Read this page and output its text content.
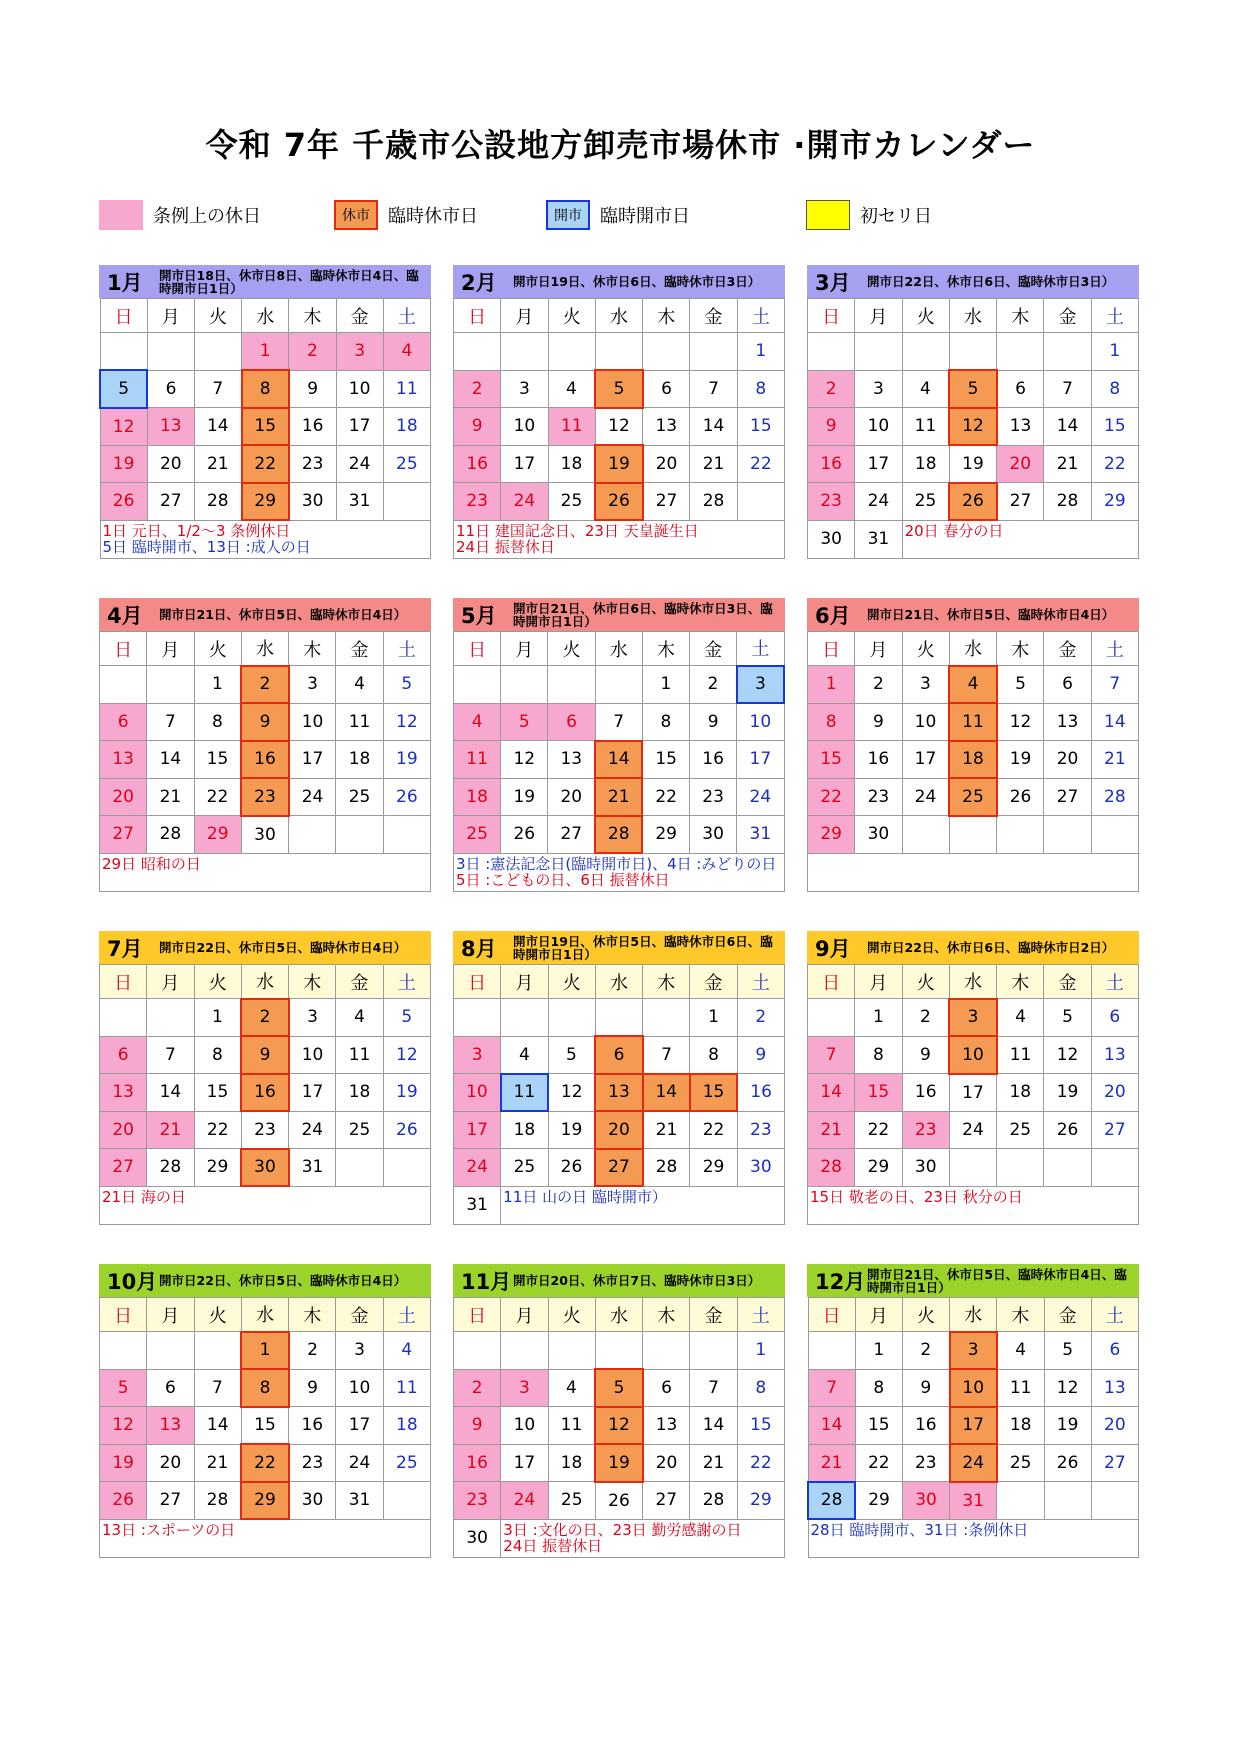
令和 7年 千歳市公設地方卸売市場休市 ·開市カレンダー
条例上の休日	休市	臨時休市日	開市	臨時開市日	初セリ日
1月	開市日18日、休市日8日、臨時休市日4日、臨時開市日1日）
日	月	火	水	木	金	土
			1	2	3	4
5	6	7	8	9	10	11
12	13	14	15	16	17	18
19	20	21	22	23	24	25
26	27	28	29	30	31	

1日 元日、1/2〜3 条例休日
5日 臨時開市、13日 :成人の日						
2月	開市日19日、休市日6日、臨時休市日3日）
日	月	火	水	木	金	土
						1
2	3	4	5	6	7	8
9	10	11	12	13	14	15
16	17	18	19	20	21	22
23	24	25	26	27	28	

11日 建国記念日、23日 天皇誕生日
24日 振替休日						
3月	開市日22日、休市日6日、臨時休市日3日）
日	月	火	水	木	金	土
						1
2	3	4	5	6	7	8
9	10	11	12	13	14	15
16	17	18	19	20	21	22
23	24	25	26	27	28	29
30	31	20日 春分の日				
4月	開市日21日、休市日5日、臨時休市日4日）
日	月	火	水	木	金	土
		1	2	3	4	5
6	7	8	9	10	11	12
13	14	15	16	17	18	19
20	21	22	23	24	25	26
27	28	29	30			

29日 昭和の日						
5月	開市日21日、休市日6日、臨時休市日3日、臨時開市日1日）
日	月	火	水	木	金	土
				1	2	3
4	5	6	7	8	9	10
11	12	13	14	15	16	17
18	19	20	21	22	23	24
25	26	27	28	29	30	31

3日 :憲法記念日(臨時開市日)、4日 :みどりの日
5日 :こどもの日、6日 振替休日						
6月	開市日21日、休市日5日、臨時休市日4日）
日	月	火	水	木	金	土
1	2	3	4	5	6	7
8	9	10	11	12	13	14
15	16	17	18	19	20	21
22	23	24	25	26	27	28
29	30					

7月	開市日22日、休市日5日、臨時休市日4日）
日	月	火	水	木	金	土
		1	2	3	4	5
6	7	8	9	10	11	12
13	14	15	16	17	18	19
20	21	22	23	24	25	26
27	28	29	30	31		

21日 海の日						
8月	開市日19日、休市日5日、臨時休市日6日、臨時開市日1日）
日	月	火	水	木	金	土
					1	2
3	4	5	6	7	8	9
10	11	12	13	14	15	16
17	18	19	20	21	22	23
24	25	26	27	28	29	30
31	11日 山の日 臨時開市）					
9月	開市日22日、休市日6日、臨時休市日2日）
日	月	火	水	木	金	土
	1	2	3	4	5	6
7	8	9	10	11	12	13
14	15	16	17	18	19	20
21	22	23	24	25	26	27
28	29	30				

15日 敬老の日、23日 秋分の日						
10月 開市日22日、休市日5日、臨時休市日4日）
日	月	火	水	木	金	土
			1	2	3	4
5	6	7	8	9	10	11
12	13	14	15	16	17	18
19	20	21	22	23	24	25
26	27	28	29	30	31	

13日 :スポーツの日						
11月 開市日20日、休市日7日、臨時休市日3日）
日	月	火	水	木	金	土
						1
2	3	4	5	6	7	8
9	10	11	12	13	14	15
16	17	18	19	20	21	22
23	24	25	26	27	28	29
30	3日 :文化の日、23日 勤労感謝の日
24日 振替休日					
12月 開市日21日、休市日5日、臨時休市日4日、臨時開市日1日）
日	月	火	水	木	金	土
	1	2	3	4	5	6
7	8	9	10	11	12	13
14	15	16	17	18	19	20
21	22	23	24	25	26	27
28	29	30	31			

28日 臨時開市、31日 :条例休日						
